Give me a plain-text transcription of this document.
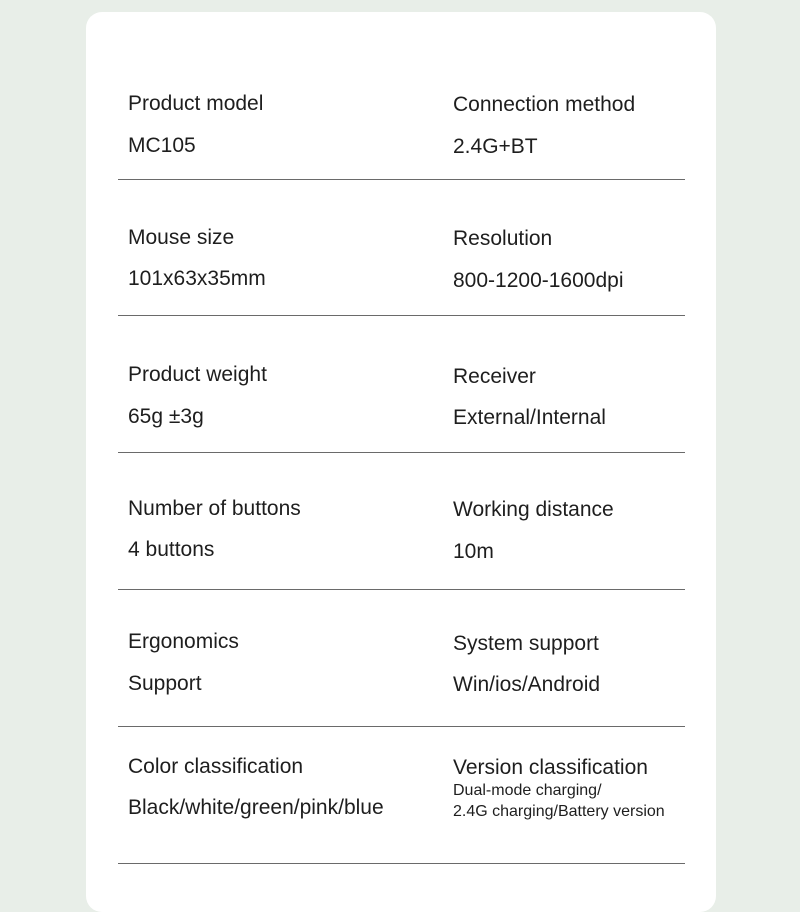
Product model
MC105
Connection method
2.4G+BT
Mouse size
101x63x35mm
Resolution
800-1200-1600dpi
Product weight
65g ±3g
Receiver
External/Internal
Number of buttons
4 buttons
Working distance
10m
Ergonomics
Support
System support
Win/ios/Android
Color classification
Black/white/green/pink/blue
Version classification
Dual-mode charging/
2.4G charging/Battery version
